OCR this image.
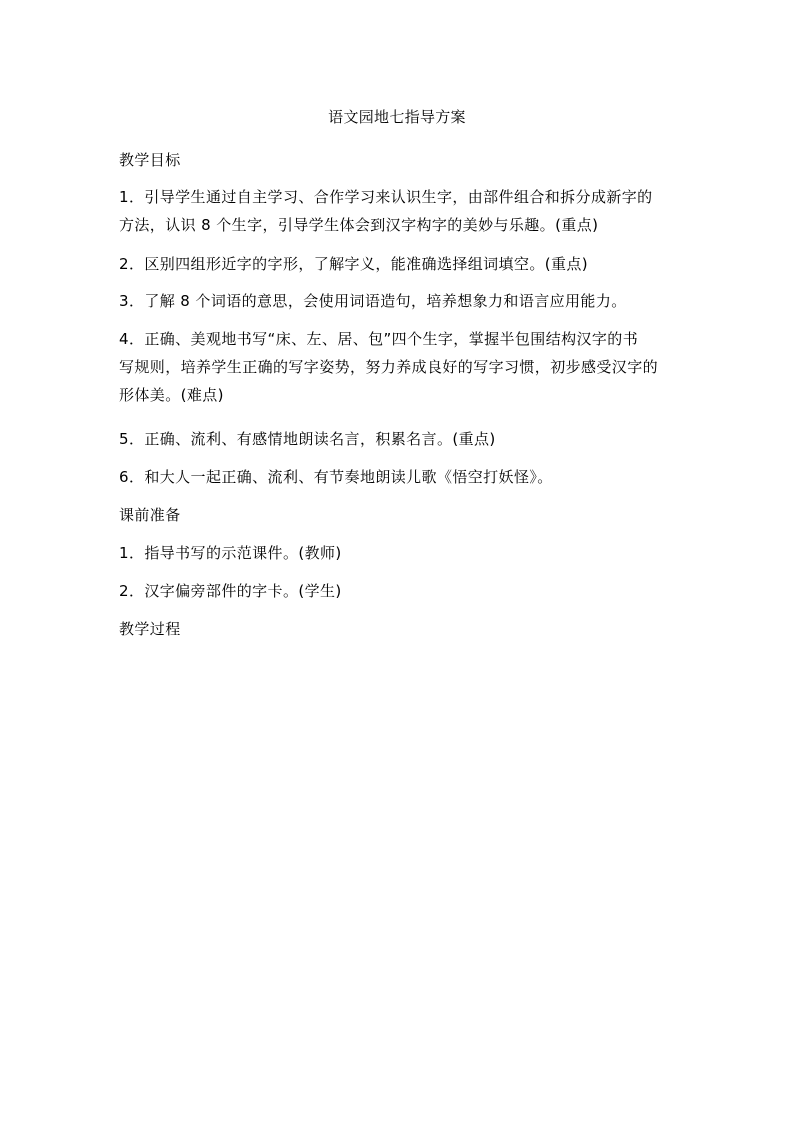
语文园地七指导方案
教学目标
1．引导学生通过自主学习、合作学习来认识生字，由部件组合和拆分成新字的
方法，认识 8 个生字，引导学生体会到汉字构字的美妙与乐趣。(重点)
2．区别四组形近字的字形，了解字义，能准确选择组词填空。(重点)
3．了解 8 个词语的意思，会使用词语造句，培养想象力和语言应用能力。
4．正确、美观地书写“床、左、居、包”四个生字，掌握半包围结构汉字的书
写规则，培养学生正确的写字姿势，努力养成良好的写字习惯，初步感受汉字的
形体美。(难点)
5．正确、流利、有感情地朗读名言，积累名言。(重点)
6．和大人一起正确、流利、有节奏地朗读儿歌《悟空打妖怪》。
课前准备
1．指导书写的示范课件。(教师)
2．汉字偏旁部件的字卡。(学生)
教学过程
